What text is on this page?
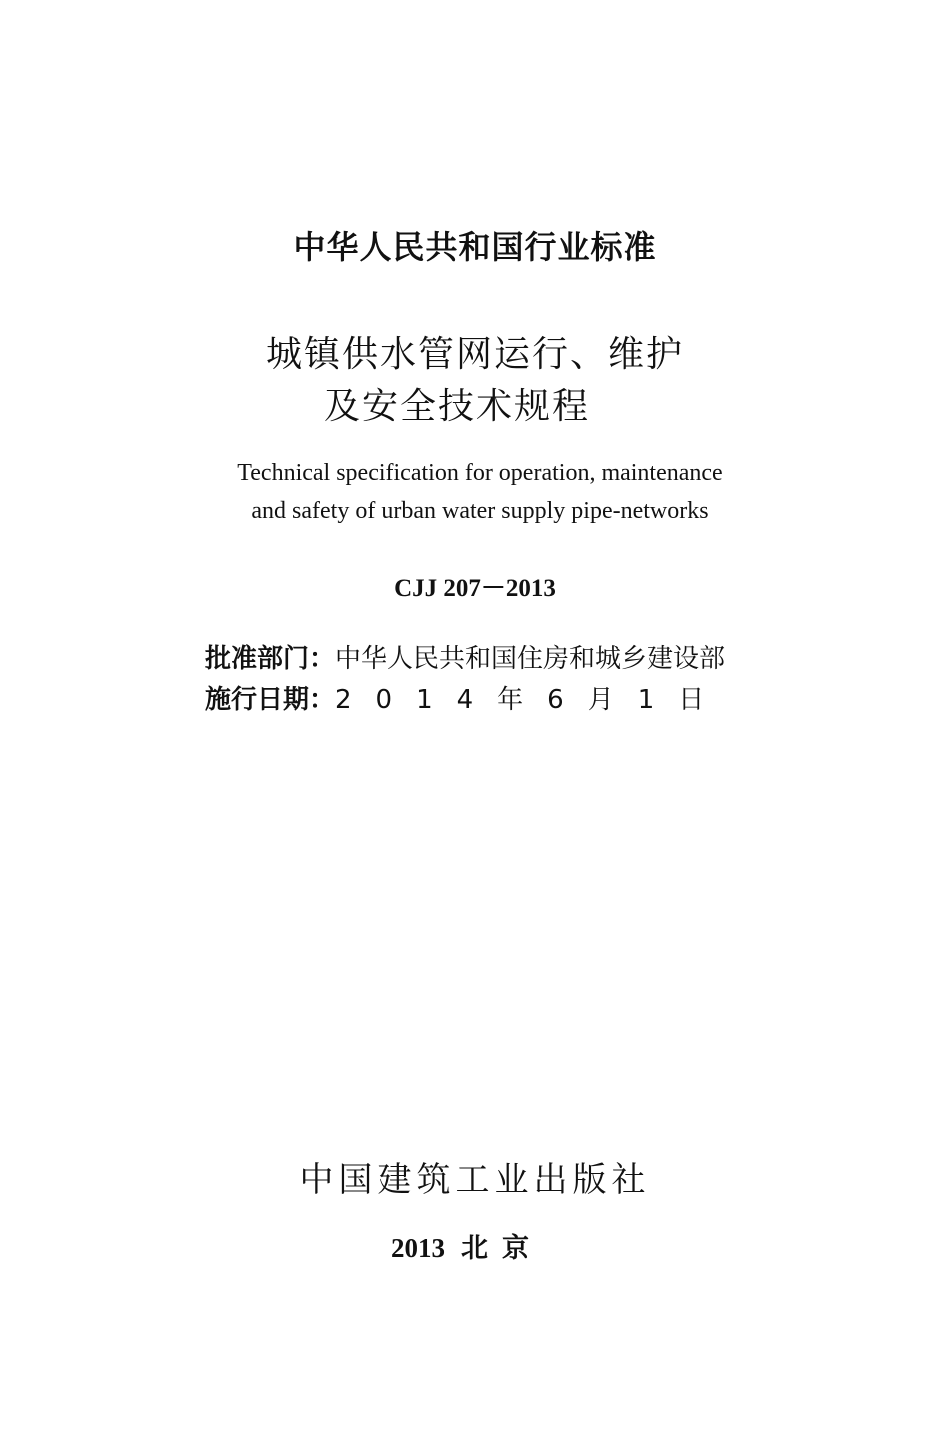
中华人民共和国行业标准
城镇供水管网运行、维护
及安全技术规程
Technical specification for operation, maintenance
and safety of urban water supply pipe-networks
CJJ 207－2013
批准部门：中华人民共和国住房和城乡建设部
施行日期：2014年6月1日
中国建筑工业出版社
2013 北京
